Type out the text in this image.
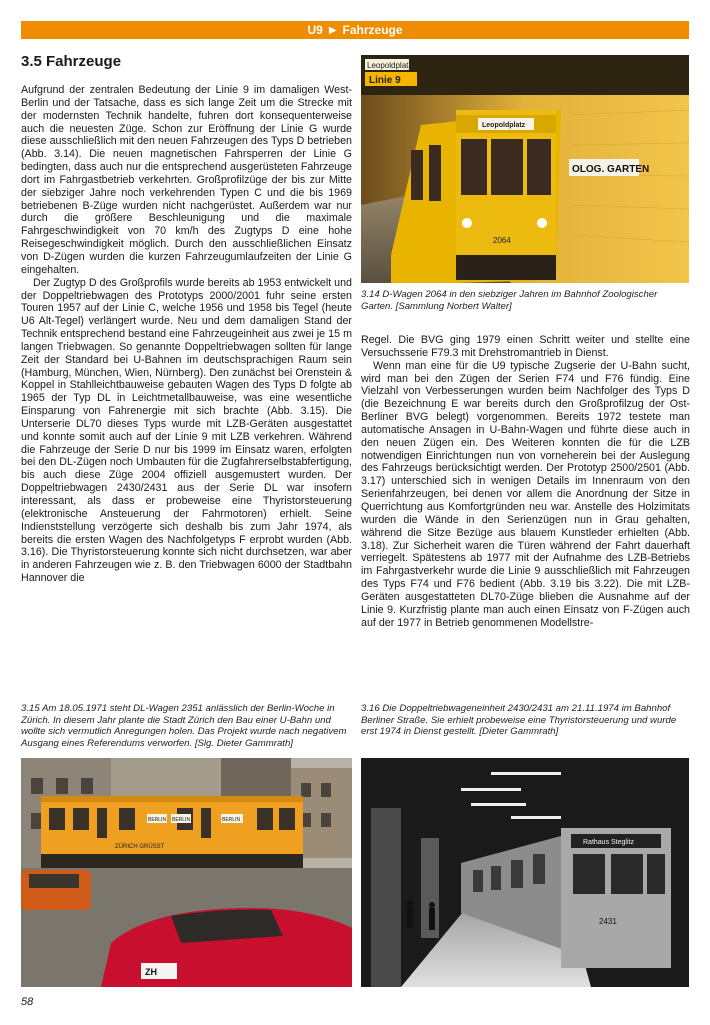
U9 ▶ Fahrzeuge
3.5 Fahrzeuge

Aufgrund der zentralen Bedeutung der Linie 9 im damaligen West-Berlin und der Tatsache, dass es sich lange Zeit um die Strecke mit der modernsten Technik handelte, fuhren dort konsequenterweise auch die neuesten Züge. Schon zur Eröffnung der Linie G wurde diese ausschließlich mit den neuen Fahrzeugen des Typs D betrieben (Abb. 3.14). Die neuen magnetischen Fahrsperren der Linie G bedingten, dass auch nur die entsprechend ausgerüsteten Fahrzeuge dort im Fahrgastbetrieb verkehrten. Großprofilzüge der bis zur Mitte der siebziger Jahre noch verkehrenden Typen C und die bis 1969 betriebenen B-Züge wurden nicht nachgerüstet. Außerdem war nur durch die größere Beschleunigung und die maximale Fahrgeschwindigkeit von 70 km/h des Zugtyps D eine hohe Reisegeschwindigkeit möglich. Durch den ausschließlichen Einsatz von D-Zügen wurden die kurzen Fahrzeugumlaufzeiten der Linie G eingehalten.

Der Zugtyp D des Großprofils wurde bereits ab 1953 entwickelt und der Doppeltriebwagen des Prototyps 2000/2001 fuhr seine ersten Touren 1957 auf der Linie C, welche 1956 und 1958 bis Tegel (heute U6 Alt-Tegel) verlängert wurde. Neu und dem damaligen Stand der Technik entsprechend bestand eine Fahrzeugeinheit aus zwei je 15 m langen Triebwagen. So genannte Doppeltriebwagen sollten für lange Zeit der Standard bei U-Bahnen im deutschsprachigen Raum sein (Hamburg, München, Wien, Nürnberg). Den zunächst bei Orenstein & Koppel in Stahlleichtbauweise gebauten Wagen des Typs D folgte ab 1965 der Typ DL in Leichtmetallbauweise, was eine wesentliche Einsparung von Fahrenergie mit sich brachte (Abb. 3.15). Die Unterserie DL70 dieses Typs wurde mit LZB-Geräten ausgestattet und konnte somit auch auf der Linie 9 mit LZB verkehren. Während die Fahrzeuge der Serie D nur bis 1999 im Einsatz waren, erfolgten bei den DL-Zügen noch Umbauten für die Zugfahrerselbstabfertigung, bis auch diese Züge 2004 offiziell ausgemustert wurden. Der Doppeltriebwagen 2430/2431 aus der Serie DL war insofern interessant, als dass er probeweise eine Thyristorsteuerung (elektronische Ansteuerung der Fahrmotoren) erhielt. Seine Indienststellung verzögerte sich deshalb bis zum Jahr 1974, als bereits die ersten Wagen des Nachfolgetyps F erprobt wurden (Abb. 3.16). Die Thyristorsteuerung konnte sich nicht durchsetzen, war aber in anderen Fahrzeugen wie z. B. den Triebwagen 6000 der Stadtbahn Hannover die

Leopoldplatz
Linie 9
Leopoldplatz
2064
OLOG. GARTEN
3.14 D-Wagen 2064 in den siebziger Jahren im Bahnhof Zoologischer Garten. [Sammlung Norbert Walter]

Regel. Die BVG ging 1979 einen Schritt weiter und stellte eine Versuchsserie F79.3 mit Drehstromantrieb in Dienst.

Wenn man eine für die U9 typische Zugserie der U-Bahn sucht, wird man bei den Zügen der Serien F74 und F76 fündig. Eine Vielzahl von Verbesserungen wurden beim Nachfolger des Typs D (die Bezeichnung E war bereits durch den Großprofilzug der Ost-Berliner BVG belegt) vorgenommen. Bereits 1972 testete man automatische Ansagen in U-Bahn-Wagen und führte diese auch in den neuen Zügen ein. Des Weiteren konnten die für die LZB notwendigen Einrichtungen nun von vorneherein bei der Auslegung des Fahrzeugs berücksichtigt werden. Der Prototyp 2500/2501 (Abb. 3.17) unterschied sich in wenigen Details im Innenraum von den Serienfahrzeugen, bei denen vor allem die Anordnung der Sitze in Querrichtung aus Komfortgründen neu war. Anstelle des Holzimitats wurden die Wände in den Serienzügen nun in Grau gehalten, während die Sitze Bezüge aus blauem Kunstleder erhielten (Abb. 3.18). Zur Sicherheit waren die Türen während der Fahrt dauerhaft verriegelt. Spätestens ab 1977 mit der Aufnahme des LZB-Betriebs im Fahrgastverkehr wurde die Linie 9 ausschließlich mit Fahrzeugen des Typs F74 und F76 bedient (Abb. 3.19 bis 3.22). Die mit LZB-Geräten ausgestatteten DL70-Züge blieben die Ausnahme auf der Linie 9. Kurzfristig plante man auch einen Einsatz von F-Zügen auch auf der 1977 in Betrieb genommenen Modellstre-

3.15 Am 18.05.1971 steht DL-Wagen 2351 anlässlich der Berlin-Woche in Zürich. In diesem Jahr plante die Stadt Zürich den Bau einer U-Bahn und wollte sich vermutlich Anregungen holen. Das Projekt wurde nach negativem Ausgang eines Referendums verworfen. [Slg. Dieter Gammrath]
3.16 Die Doppeltriebwageneinheit 2430/2431 am 21.11.1974 im Bahnhof Berliner Straße. Sie erhielt probeweise eine Thyristorsteuerung und wurde erst 1974 in Dienst gestellt. [Dieter Gammrath]
BERLIN BERLIN	BERLIN
ZÜRICH GRÜSST
ZH
Rathaus Steglitz
2431
58
